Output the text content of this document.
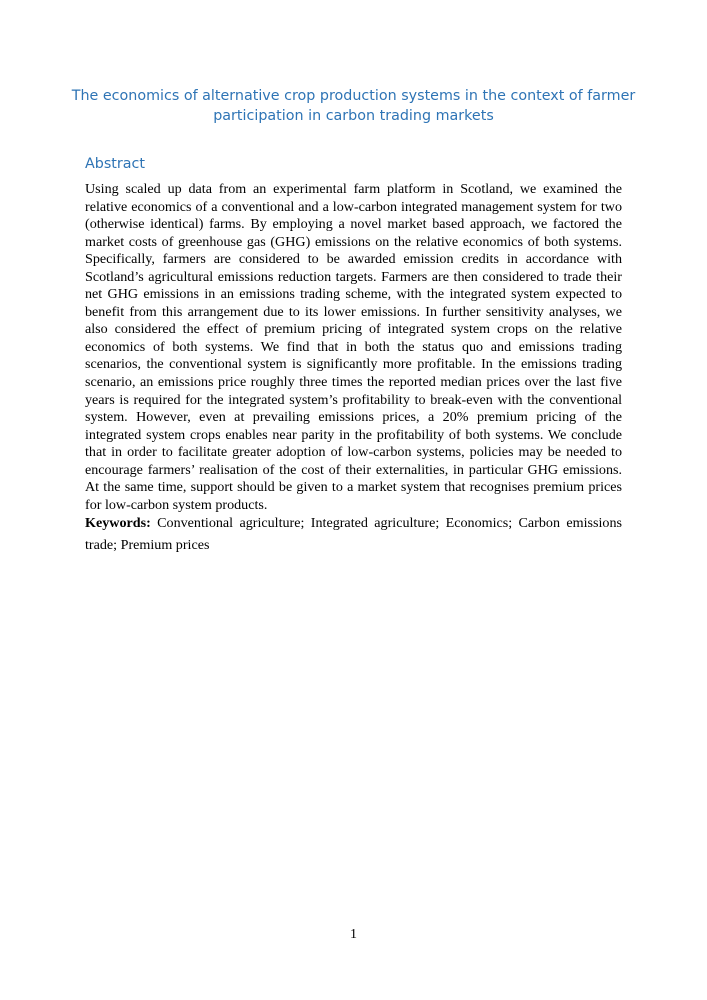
The economics of alternative crop production systems in the context of farmer participation in carbon trading markets
Abstract

Using scaled up data from an experimental farm platform in Scotland, we examined the relative economics of a conventional and a low-carbon integrated management system for two (otherwise identical) farms. By employing a novel market based approach, we factored the market costs of greenhouse gas (GHG) emissions on the relative economics of both systems. Specifically, farmers are considered to be awarded emission credits in accordance with Scotland’s agricultural emissions reduction targets. Farmers are then considered to trade their net GHG emissions in an emissions trading scheme, with the integrated system expected to benefit from this arrangement due to its lower emissions. In further sensitivity analyses, we also considered the effect of premium pricing of integrated system crops on the relative economics of both systems. We find that in both the status quo and emissions trading scenarios, the conventional system is significantly more profitable. In the emissions trading scenario, an emissions price roughly three times the reported median prices over the last five years is required for the integrated system’s profitability to break-even with the conventional system. However, even at prevailing emissions prices, a 20% premium pricing of the integrated system crops enables near parity in the profitability of both systems. We conclude that in order to facilitate greater adoption of low-carbon systems, policies may be needed to encourage farmers’ realisation of the cost of their externalities, in particular GHG emissions. At the same time, support should be given to a market system that recognises premium prices for low-carbon system products.

Keywords: Conventional agriculture; Integrated agriculture; Economics; Carbon emissions trade; Premium prices

1
